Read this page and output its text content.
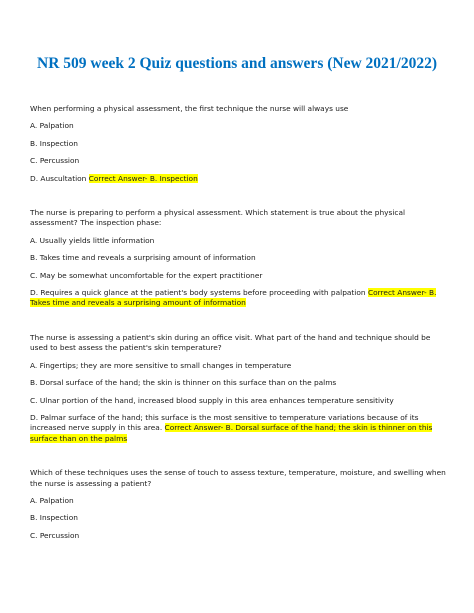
NR 509 week 2 Quiz questions and answers (New 2021/2022)

When performing a physical assessment, the first technique the nurse will always use

A. Palpation

B. Inspection

C. Percussion

D. Auscultation Correct Answer- B. Inspection

The nurse is preparing to perform a physical assessment. Which statement is true about the physical assessment? The inspection phase:

A. Usually yields little information

B. Takes time and reveals a surprising amount of information

C. May be somewhat uncomfortable for the expert practitioner

D. Requires a quick glance at the patient's body systems before proceeding with palpation Correct Answer- B. Takes time and reveals a surprising amount of information

The nurse is assessing a patient's skin during an office visit. What part of the hand and technique should be used to best assess the patient's skin temperature?

A. Fingertips; they are more sensitive to small changes in temperature

B. Dorsal surface of the hand; the skin is thinner on this surface than on the palms

C. Ulnar portion of the hand, increased blood supply in this area enhances temperature sensitivity

D. Palmar surface of the hand; this surface is the most sensitive to temperature variations because of its increased nerve supply in this area. Correct Answer- B. Dorsal surface of the hand; the skin is thinner on this surface than on the palms

Which of these techniques uses the sense of touch to assess texture, temperature, moisture, and swelling when the nurse is assessing a patient?

A. Palpation

B. Inspection

C. Percussion
